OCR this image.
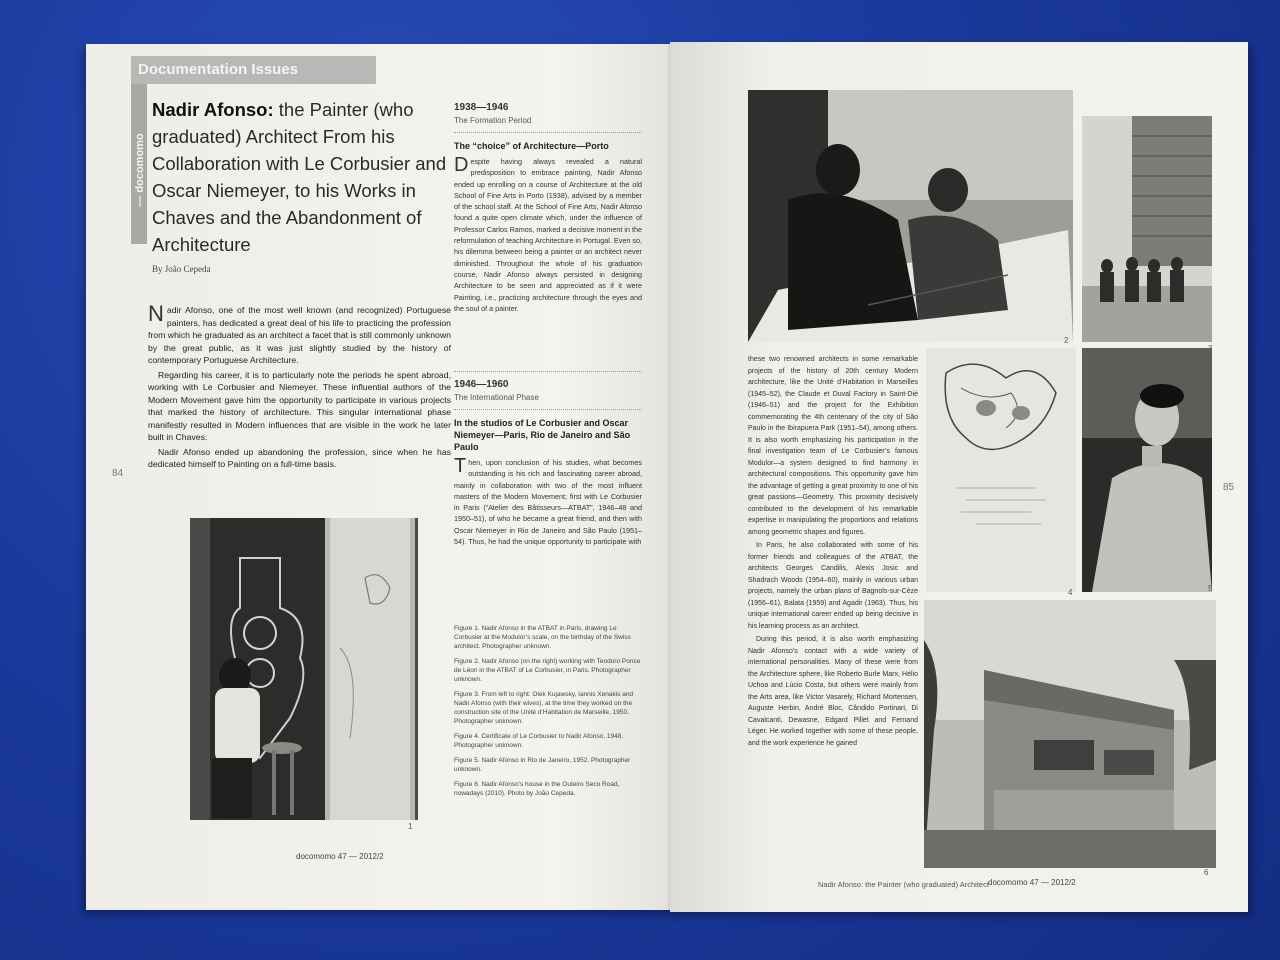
Documentation Issues
— docomomo
Nadir Afonso: the Painter (who graduated) Architect From his Collaboration with Le Corbusier and Oscar Niemeyer, to his Works in Chaves and the Abandonment of Architecture
By João Cepeda

Nadir Afonso, one of the most well known (and recognized) Portuguese painters, has dedicated a great deal of his life to practicing the profession from which he graduated as an architect a facet that is still commonly unknown by the great public, as it was just slightly studied by the history of contemporary Portuguese Architecture.

Regarding his career, it is to particularly note the periods he spent abroad, working with Le Corbusier and Niemeyer. These influential authors of the Modern Movement gave him the opportunity to participate in various projects that marked the history of architecture. This singular international phase manifestly resulted in Modern influences that are visible in the work he later built in Chaves.

Nadir Afonso ended up abandoning the profession, since when he has dedicated himself to Painting on a full-time basis.

84
1
1938—1946
The Formation Period
The “choice” of Architecture—Porto
Despite having always revealed a natural predisposition to embrace painting, Nadir Afonso ended up enrolling on a course of Architecture at the old School of Fine Arts in Porto (1938), advised by a member of the school staff. At the School of Fine Arts, Nadir Afonso found a quite open climate which, under the influence of Professor Carlos Ramos, marked a decisive moment in the reformulation of teaching Architecture in Portugal. Even so, his dilemma between being a painter or an architect never diminished. Throughout the whole of his graduation course, Nadir Afonso always persisted in designing Architecture to be seen and appreciated as if it were Painting, i.e., practicing architecture through the eyes and the soul of a painter.
1946—1960
The International Phase
In the studios of Le Corbusier and Oscar Niemeyer—Paris, Rio de Janeiro and São Paulo
Then, upon conclusion of his studies, what becomes outstanding is his rich and fascinating career abroad, mainly in collaboration with two of the most influent masters of the Modern Movement; first with Le Corbusier in Paris (“Atelier des Bâtisseurs—ATBAT”, 1946–48 and 1950–51), of who he became a great friend, and then with Oscar Niemeyer in Rio de Janeiro and São Paulo (1951–54). Thus, he had the unique opportunity to participate with

Figure 1. Nadir Afonso in the ATBAT in Paris, drawing Le Corbusier at the Modulor’s scale, on the birthday of the Swiss architect. Photographer unknown.

Figure 2. Nadir Afonso (on the right) working with Teodoro Ponce de Léon in the ATBAT of Le Corbusier, in Paris. Photographer unknown.

Figure 3. From left to right: Olek Kujawsky, Iannis Xenakis and Nadir Afonso (with their wives), at the time they worked on the construction site of the Unité d’Habitation de Marseille, 1950. Photographer unknown.

Figure 4. Certificate of Le Corbusier to Nadir Afonso, 1948. Photographer unknown.

Figure 5. Nadir Afonso in Rio de Janeiro, 1952. Photographer unknown.

Figure 6. Nadir Afonso’s house in the Outeiro Seco Road, nowadays (2010). Photo by João Cepeda.

docomomo 47 — 2012/2
2
4	5
6
85

these two renowned architects in some remarkable projects of the history of 20th century Modern architecture, like the Unité d’Habitation in Marseilles (1945–52), the Claude et Duval Factory in Saint-Dié (1946–51) and the project for the Exhibition commemorating the 4th centenary of the city of São Paulo in the Ibirapuera Park (1951–54), among others. It is also worth emphasizing his participation in the final investigation team of Le Corbusier’s famous Modulor—a system designed to find harmony in architectural compositions. This opportunity gave him the advantage of getting a great proximity to one of his great passions—Geometry. This proximity decisively contributed to the development of his remarkable expertise in manipulating the proportions and relations among geometric shapes and figures.

In Paris, he also collaborated with some of his former friends and colleagues of the ATBAT, the architects Georges Candilis, Alexis Josic and Shadrach Woods (1954–60), mainly in various urban projects, namely the urban plans of Bagnols-sur-Cèze (1956–61), Balata (1959) and Agadir (1963). Thus, his unique international career ended up being decisive in his learning process as an architect.

During this period, it is also worth emphasizing Nadir Afonso’s contact with a wide variety of international personalities. Many of these were from the Architecture sphere, like Roberto Burle Marx, Hélio Uchoa and Lúcio Costa, but others were mainly from the Arts area, like Victor Vasarely, Richard Mortensen, Auguste Herbin, André Bloc, Cândido Portinari, Di Cavalcanti, Dewasne, Edgard Pillet and Fernand Léger. He worked together with some of these people, and the work experience he gained

Nadir Afonso: the Painter (who graduated) Architect docomomo 47 — 2012/2
